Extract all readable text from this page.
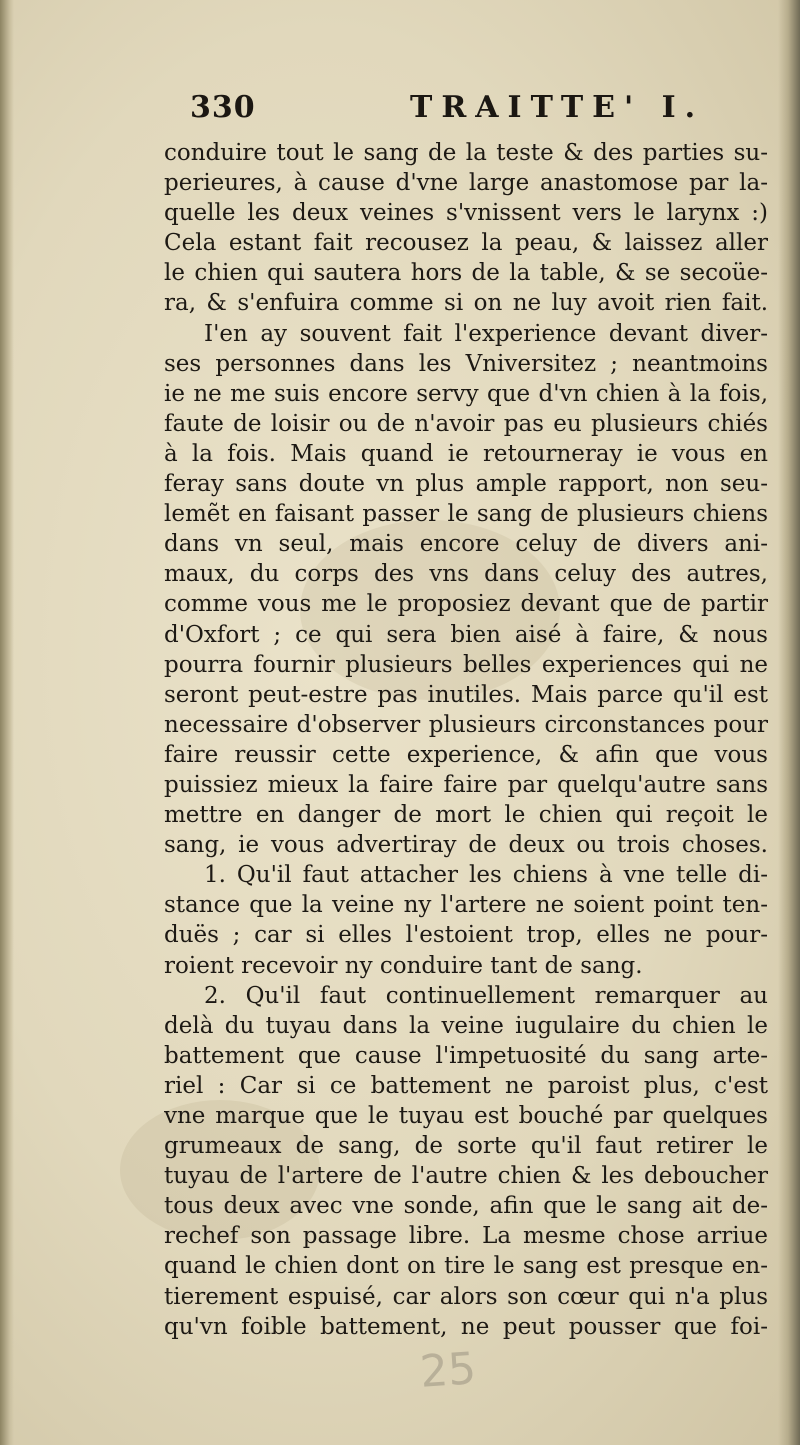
330	TRAITTE' I.
conduire tout le sang de la teste & des parties su-
perieures, à cause d'vne large anastomose par la-
quelle les deux veines s'vnissent vers le larynx :)
Cela estant fait recousez la peau, & laissez aller
le chien qui sautera hors de la table, & se secoüe-
ra, & s'enfuira comme si on ne luy avoit rien fait.
I'en ay souvent fait l'experience devant diver-
ses personnes dans les Vniversitez ; neantmoins
ie ne me suis encore servy que d'vn chien à la fois,
faute de loisir ou de n'avoir pas eu plusieurs chiés
à la fois. Mais quand ie retourneray ie vous en
feray sans doute vn plus ample rapport, non seu-
lemẽt en faisant passer le sang de plusieurs chiens
dans vn seul, mais encore celuy de divers ani-
maux, du corps des vns dans celuy des autres,
comme vous me le proposiez devant que de partir
d'Oxfort ; ce qui sera bien aisé à faire, & nous
pourra fournir plusieurs belles experiences qui ne
seront peut-estre pas inutiles. Mais parce qu'il est
necessaire d'observer plusieurs circonstances pour
faire reussir cette experience, & afin que vous
puissiez mieux la faire faire par quelqu'autre sans
mettre en danger de mort le chien qui reçoit le
sang, ie vous advertiray de deux ou trois choses.
1. Qu'il faut attacher les chiens à vne telle di-
stance que la veine ny l'artere ne soient point ten-
duës ; car si elles l'estoient trop, elles ne pour-
roient recevoir ny conduire tant de sang.
2. Qu'il faut continuellement remarquer au
delà du tuyau dans la veine iugulaire du chien le
battement que cause l'impetuosité du sang arte-
riel : Car si ce battement ne paroist plus, c'est
vne marque que le tuyau est bouché par quelques
grumeaux de sang, de sorte qu'il faut retirer le
tuyau de l'artere de l'autre chien & les deboucher
tous deux avec vne sonde, afin que le sang ait de-
rechef son passage libre. La mesme chose arriue
quand le chien dont on tire le sang est presque en-
tierement espuisé, car alors son cœur qui n'a plus
qu'vn foible battement, ne peut pousser que foi-
25
